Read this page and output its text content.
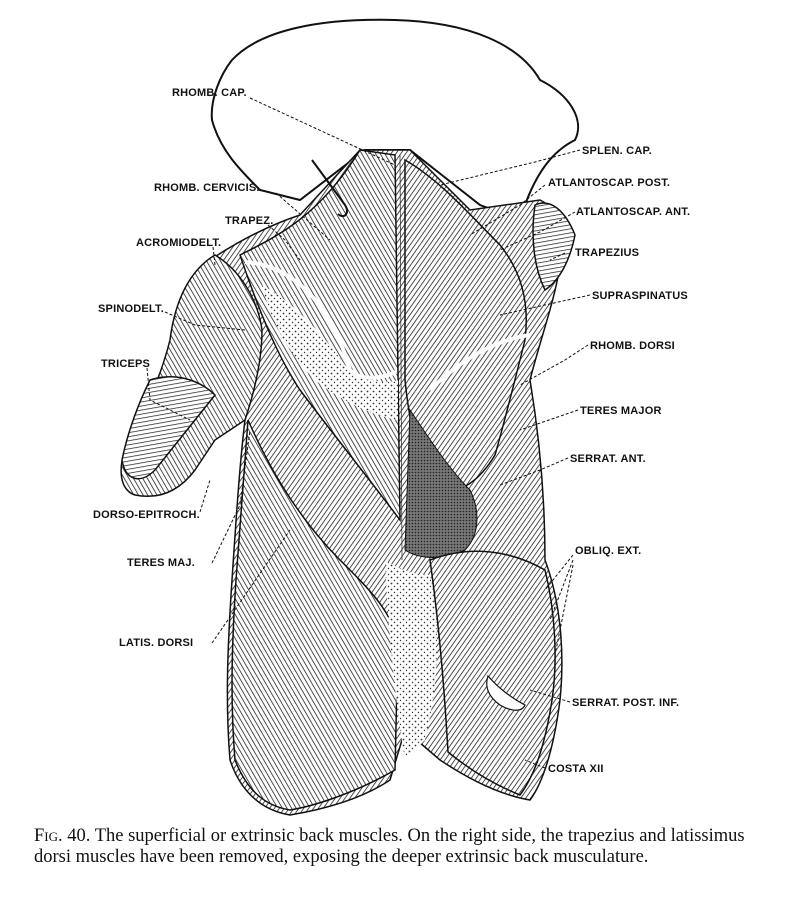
RHOMB. CAP.
SPLEN. CAP.
ATLANTOSCAP. POST.
RHOMB. CERVICIS.
ATLANTOSCAP. ANT.
TRAPEZ.
TRAPEZIUS
ACROMIODELT.
SUPRASPINATUS
SPINODELT.
RHOMB. DORSI
TRICEPS
TERES MAJOR
SERRAT. ANT.
DORSO-EPITROCH.
OBLIQ. EXT.
TERES MAJ.
LATIS. DORSI
SERRAT. POST. INF.
COSTA XII

Fig. 40. The superficial or extrinsic back muscles. On the right side, the trapezius and latissimus dorsi muscles have been removed, exposing the deeper extrinsic back musculature.
